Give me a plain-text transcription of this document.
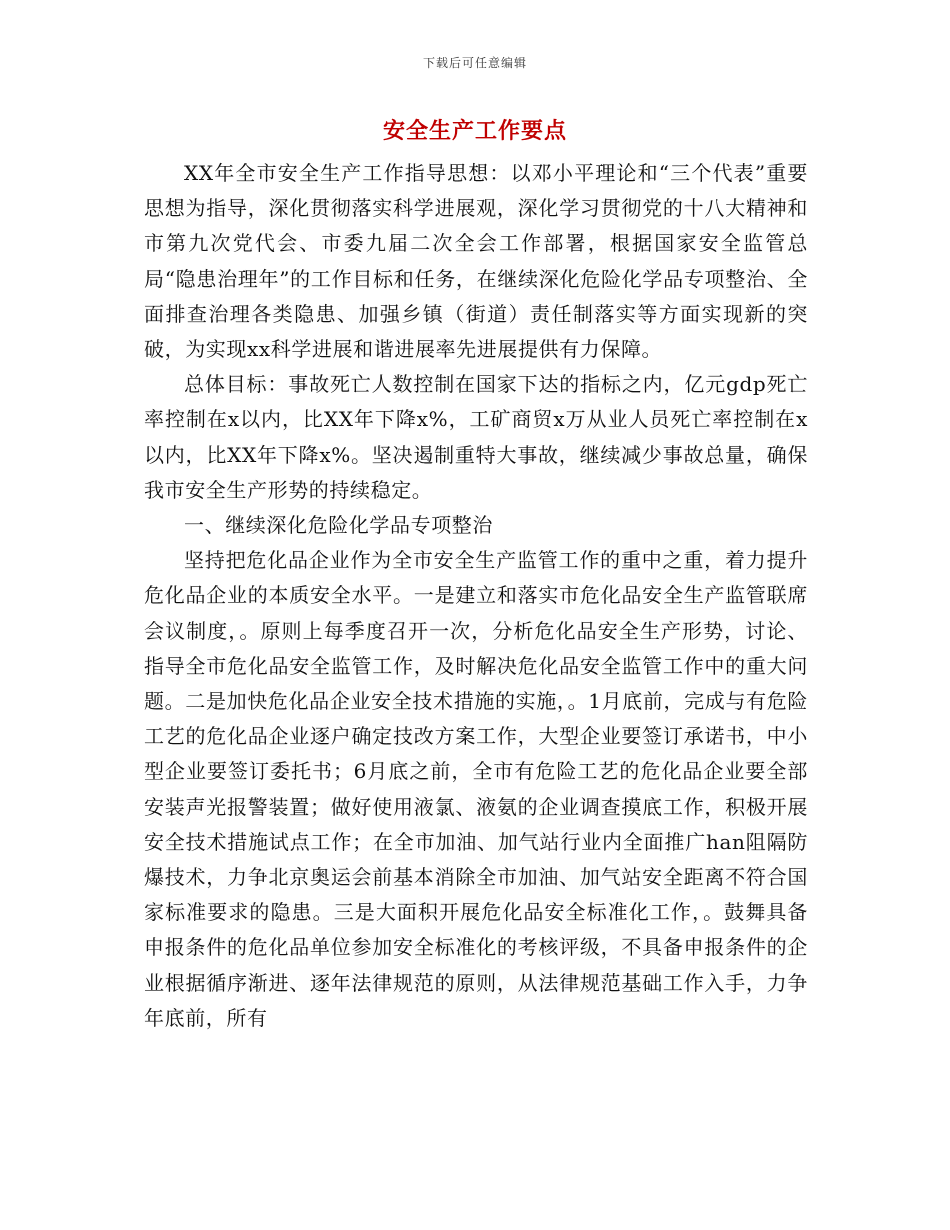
下载后可任意编辑
安全生产工作要点

XX年全市安全生产工作指导思想：以邓小平理论和“三个代表”重要思想为指导，深化贯彻落实科学进展观，深化学习贯彻党的十八大精神和市第九次党代会、市委九届二次全会工作部署，根据国家安全监管总局“隐患治理年”的工作目标和任务，在继续深化危险化学品专项整治、全面排查治理各类隐患、加强乡镇（街道）责任制落实等方面实现新的突破，为实现xx科学进展和谐进展率先进展提供有力保障。

总体目标：事故死亡人数控制在国家下达的指标之内，亿元gdp死亡率控制在x以内，比XX年下降x%，工矿商贸x万从业人员死亡率控制在x以内，比XX年下降x%。坚决遏制重特大事故，继续减少事故总量，确保我市安全生产形势的持续稳定。

一、继续深化危险化学品专项整治

坚持把危化品企业作为全市安全生产监管工作的重中之重，着力提升危化品企业的本质安全水平。一是建立和落实市危化品安全生产监管联席会议制度，。原则上每季度召开一次，分析危化品安全生产形势，讨论、指导全市危化品安全监管工作，及时解决危化品安全监管工作中的重大问题。二是加快危化品企业安全技术措施的实施，。1月底前，完成与有危险工艺的危化品企业逐户确定技改方案工作，大型企业要签订承诺书，中小型企业要签订委托书；6月底之前，全市有危险工艺的危化品企业要全部安装声光报警装置；做好使用液氯、液氨的企业调查摸底工作，积极开展安全技术措施试点工作；在全市加油、加气站行业内全面推广han阻隔防爆技术，力争北京奥运会前基本消除全市加油、加气站安全距离不符合国家标准要求的隐患。三是大面积开展危化品安全标准化工作，。鼓舞具备申报条件的危化品单位参加安全标准化的考核评级，不具备申报条件的企业根据循序渐进、逐年法律规范的原则，从法律规范基础工作入手，力争年底前，所有
